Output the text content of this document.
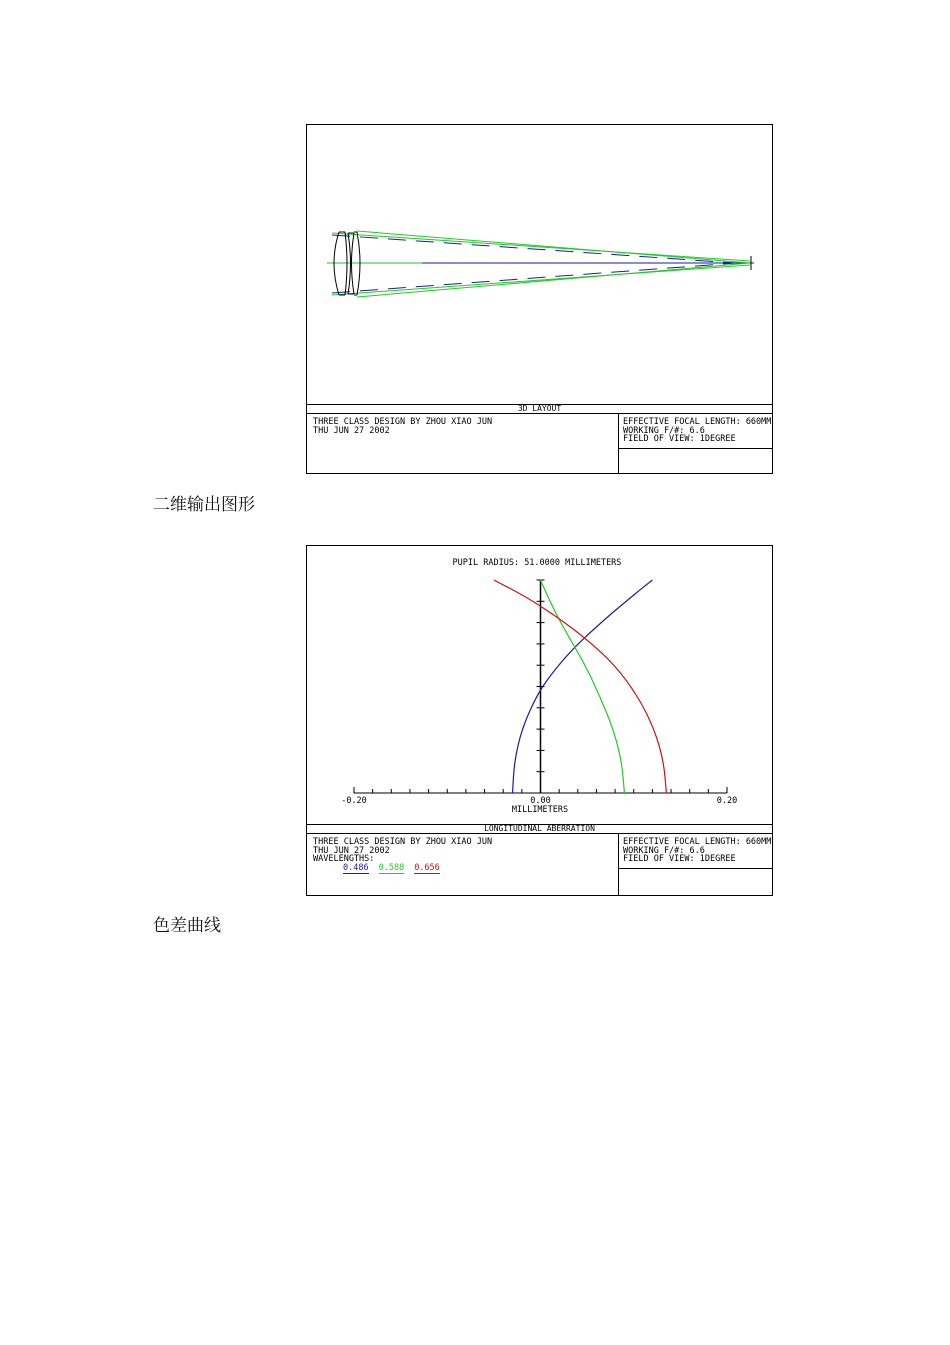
3D LAYOUT
THREE CLASS DESIGN BY ZHOU XIAO JUN
THU JUN 27 2002
EFFECTIVE FOCAL LENGTH: 660MM
WORKING F/#: 6.6
FIELD OF VIEW: 1DEGREE
二维输出图形
PUPIL RADIUS: 51.0000 MILLIMETERS
-0.20	0.00	0.20
MILLIMETERS
LONGITUDINAL ABERRATION
THREE CLASS DESIGN BY ZHOU XIAO JUN
THU JUN 27 2002
WAVELENGTHS:
0.486 0.588 0.656
EFFECTIVE FOCAL LENGTH: 660MM
WORKING F/#: 6.6
FIELD OF VIEW: 1DEGREE
色差曲线
